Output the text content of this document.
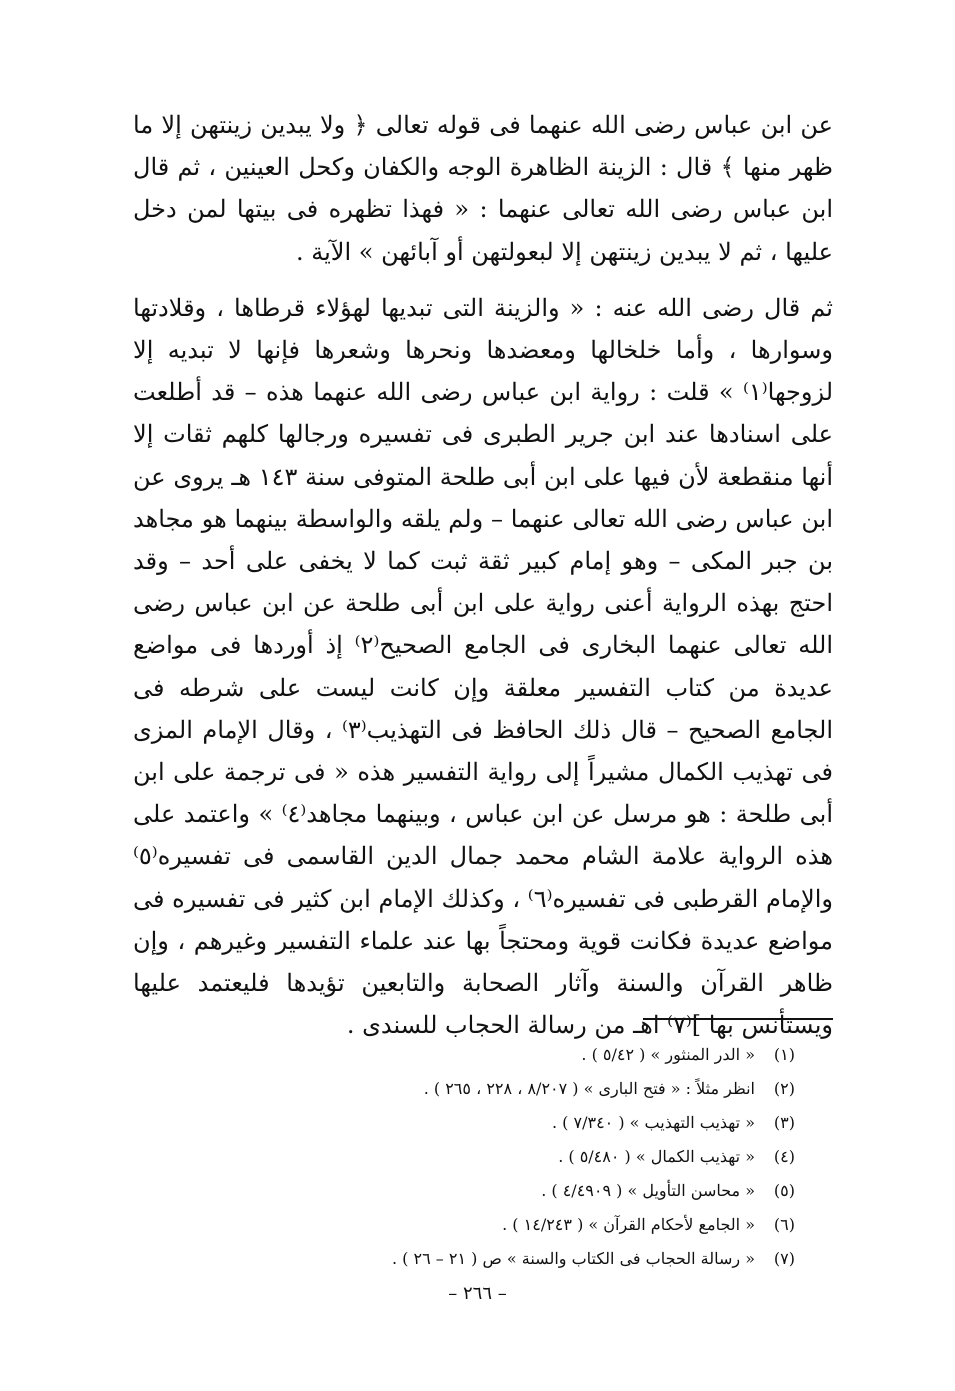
عن ابن عباس رضى الله عنهما فى قوله تعالى ﴿ ولا يبدين زينتهن إلا ما ظهر منها ﴾ قال : الزينة الظاهرة الوجه والكفان وكحل العينين ، ثم قال ابن عباس رضى الله تعالى عنهما : « فهذا تظهره فى بيتها لمن دخل عليها ، ثم لا يبدين زينتهن إلا لبعولتهن أو آبائهن » الآية .

ثم قال رضى الله عنه : « والزينة التى تبديها لهؤلاء قرطاها ، وقلادتها وسوارها ، وأما خلخالها ومعضدها ونحرها وشعرها فإنها لا تبديه إلا لزوجها⁽١⁾ » قلت : رواية ابن عباس رضى الله عنهما هذه – قد أطلعت على اسنادها عند ابن جرير الطبرى فى تفسيره ورجالها كلهم ثقات إلا أنها منقطعة لأن فيها على ابن أبى طلحة المتوفى سنة ١٤٣ هـ يروى عن ابن عباس رضى الله تعالى عنهما – ولم يلقه والواسطة بينهما هو مجاهد بن جبر المكى – وهو إمام كبير ثقة ثبت كما لا يخفى على أحد – وقد احتج بهذه الرواية أعنى رواية على ابن أبى طلحة عن ابن عباس رضى الله تعالى عنهما البخارى فى الجامع الصحيح⁽٢⁾ إذ أوردها فى مواضع عديدة من كتاب التفسير معلقة وإن كانت ليست على شرطه فى الجامع الصحيح – قال ذلك الحافظ فى التهذيب⁽٣⁾ ، وقال الإمام المزى فى تهذيب الكمال مشيراً إلى رواية التفسير هذه « فى ترجمة على ابن أبى طلحة : هو مرسل عن ابن عباس ، وبينهما مجاهد⁽٤⁾ » واعتمد على هذه الرواية علامة الشام محمد جمال الدين القاسمى فى تفسيره⁽٥⁾ والإمام القرطبى فى تفسيره⁽٦⁾ ، وكذلك الإمام ابن كثير فى تفسيره فى مواضع عديدة فكانت قوية ومحتجاً بها عند علماء التفسير وغيرهم ، وإن ظاهر القرآن والسنة وآثار الصحابة والتابعين تؤيدها فليعتمد عليها ويستأنس بها ]⁽٧⁾ اهـ من رسالة الحجاب للسندى .

(١)
« الدر المنثور » ( ٥/٤٢ ) .
(٢)
انظر مثلاً : « فتح البارى » ( ٨/٢٠٧ ، ٢٢٨ ، ٢٦٥ ) .
(٣)
« تهذيب التهذيب » ( ٧/٣٤٠ ) .
(٤)
« تهذيب الكمال » ( ٥/٤٨٠ ) .
(٥)
« محاسن التأويل » ( ٤/٤٩٠٩ ) .
(٦)
« الجامع لأحكام القرآن » ( ١٤/٢٤٣ ) .
(٧)
« رسالة الحجاب فى الكتاب والسنة » ص ( ٢١ – ٢٦ ) .
– ٢٦٦ –
